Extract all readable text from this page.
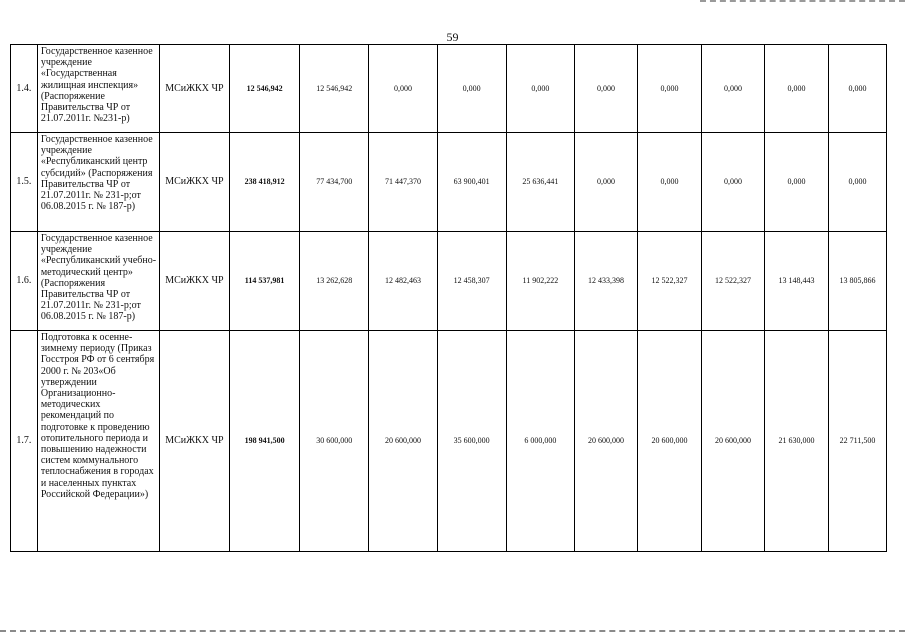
59
1.4.	Государственное казенное учреждение «Государственная жилищная инспекция» (Распоряжение Правительства ЧР от 21.07.2011г. №231-р)	МСиЖКХ ЧР	12 546,942	12 546,942	0,000	0,000	0,000	0,000	0,000	0,000	0,000	0,000
1.5.	Государственное казенное учреждение «Республиканский центр субсидий» (Распоряжения Правительства ЧР от 21.07.2011г. № 231-р;от 06.08.2015 г. № 187-р)	МСиЖКХ ЧР	238 418,912	77 434,700	71 447,370	63 900,401	25 636,441	0,000	0,000	0,000	0,000	0,000
1.6.	Государственное казенное учреждение «Республиканский учебно-методический центр» (Распоряжения Правительства ЧР от 21.07.2011г. № 231-р;от 06.08.2015 г. № 187-р)	МСиЖКХ ЧР	114 537,981	13 262,628	12 482,463	12 458,307	11 902,222	12 433,398	12 522,327	12 522,327	13 148,443	13 805,866
1.7.	Подготовка к осенне-зимнему периоду (Приказ Госстроя РФ от 6 сентября 2000 г. № 203«Об утверждении Организационно-методических рекомендаций по подготовке к проведению отопительного периода и повышению надежности систем коммунального теплоснабжения в городах и населенных пунктах Российской Федерации»)	МСиЖКХ ЧР	198 941,500	30 600,000	20 600,000	35 600,000	6 000,000	20 600,000	20 600,000	20 600,000	21 630,000	22 711,500
